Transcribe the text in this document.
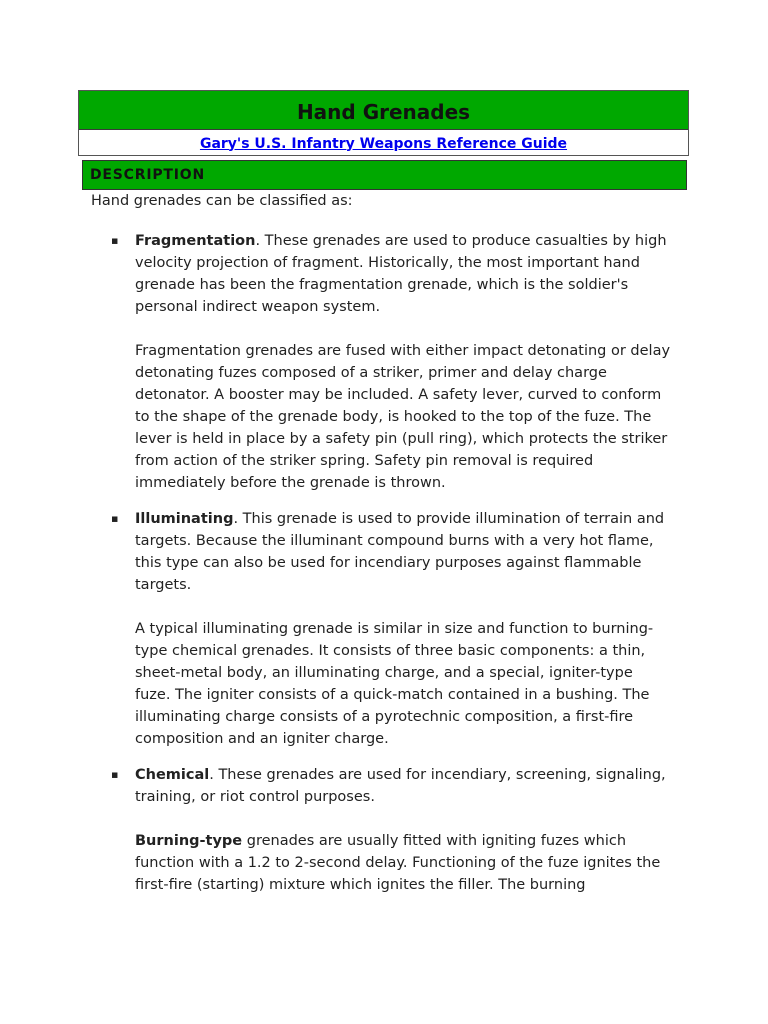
Hand Grenades
Gary's U.S. Infantry Weapons Reference Guide
DESCRIPTION

Hand grenades can be classified as:

▪ Fragmentation. These grenades are used to produce casualties by high velocity projection of fragment. Historically, the most important hand grenade has been the fragmentation grenade, which is the soldier's personal indirect weapon system.

Fragmentation grenades are fused with either impact detonating or delay detonating fuzes composed of a striker, primer and delay charge detonator. A booster may be included. A safety lever, curved to conform to the shape of the grenade body, is hooked to the top of the fuze. The lever is held in place by a safety pin (pull ring), which protects the striker from action of the striker spring. Safety pin removal is required immediately before the grenade is thrown.

▪ Illuminating. This grenade is used to provide illumination of terrain and targets. Because the illuminant compound burns with a very hot flame, this type can also be used for incendiary purposes against flammable targets.

A typical illuminating grenade is similar in size and function to burning-type chemical grenades. It consists of three basic components: a thin, sheet-metal body, an illuminating charge, and a special, igniter-type fuze. The igniter consists of a quick-match contained in a bushing. The illuminating charge consists of a pyrotechnic composition, a first-fire composition and an igniter charge.

▪ Chemical. These grenades are used for incendiary, screening, signaling, training, or riot control purposes.

Burning-type grenades are usually fitted with igniting fuzes which function with a 1.2 to 2-second delay. Functioning of the fuze ignites the first-fire (starting) mixture which ignites the filler. The burning
